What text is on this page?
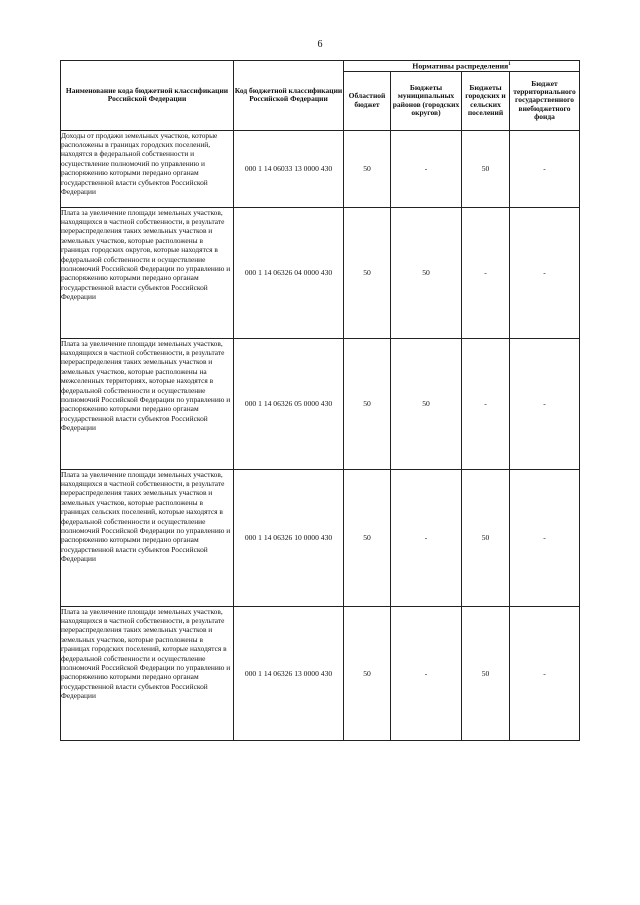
6
Наименование кода бюджетной классификации Российской Федерации	Код бюджетной классификации Российской Федерации	Нормативы распределения$^1$
		Областной бюджет	Бюджеты муниципальных районов (городских округов)	Бюджеты городских и сельских поселений	Бюджет территориального государственного внебюджетного фонда
Доходы от продажи земельных участков, которые расположены в границах городских поселений, находятся в федеральной собственности и осуществление полномочий по управлению и распоряжению которыми передано органам государственной власти субъектов Российской Федерации	000 1 14 06033 13 0000 430	50	-	50	-
Плата за увеличение площади земельных участков, находящихся в частной собственности, в результате перераспределения таких земельных участков и земельных участков, которые расположены в границах городских округов, которые находятся в федеральной собственности и осуществление полномочий Российской Федерации по управлению и распоряжению которыми передано органам государственной власти субъектов Российской Федерации	000 1 14 06326 04 0000 430	50	50	-	-
Плата за увеличение площади земельных участков, находящихся в частной собственности, в результате перераспределения таких земельных участков и земельных участков, которые расположены на межселенных территориях, которые находятся в федеральной собственности и осуществление полномочий Российской Федерации по управлению и распоряжению которыми передано органам государственной власти субъектов Российской Федерации	000 1 14 06326 05 0000 430	50	50	-	-
Плата за увеличение площади земельных участков, находящихся в частной собственности, в результате перераспределения таких земельных участков и земельных участков, которые расположены в границах сельских поселений, которые находятся в федеральной собственности и осуществление полномочий Российской Федерации по управлению и распоряжению которыми передано органам государственной власти субъектов Российской Федерации	000 1 14 06326 10 0000 430	50	-	50	-
Плата за увеличение площади земельных участков, находящихся в частной собственности, в результате перераспределения таких земельных участков и земельных участков, которые расположены в границах городских поселений, которые находятся в федеральной собственности и осуществление полномочий Российской Федерации по управлению и распоряжению которыми передано органам государственной власти субъектов Российской Федерации	000 1 14 06326 13 0000 430	50	-	50	-
